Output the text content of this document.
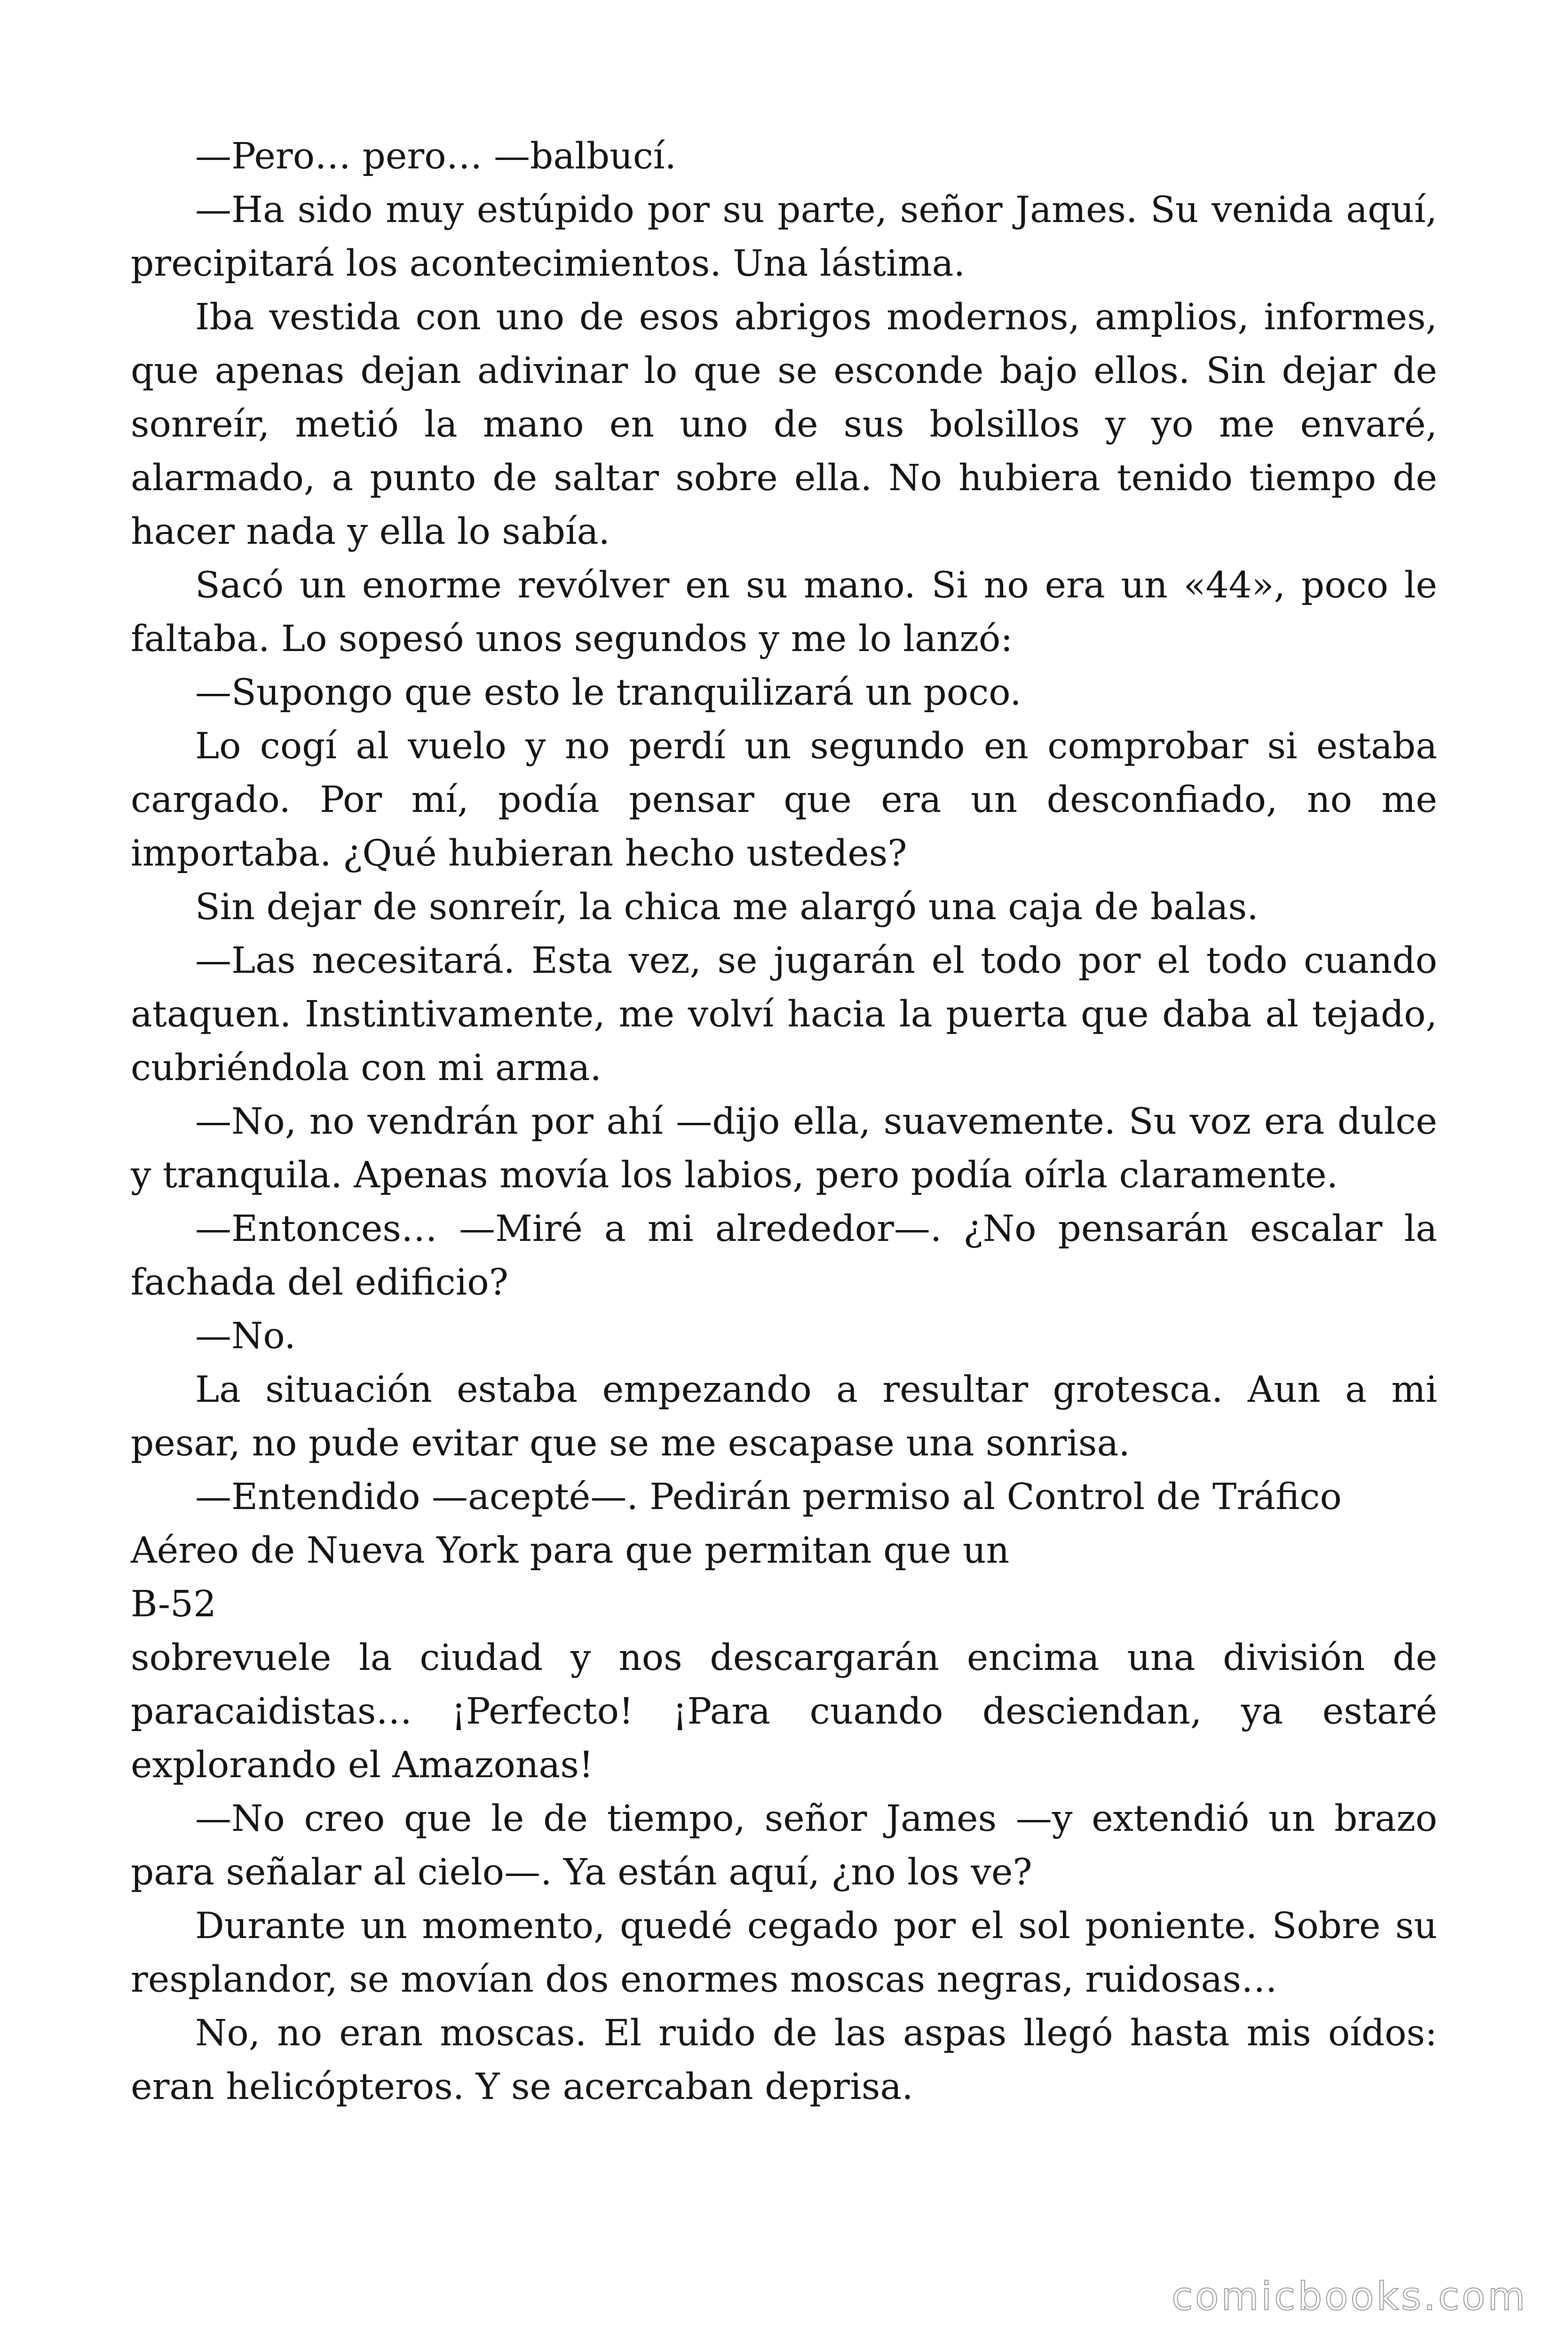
—Pero… pero… —balbucí.

—Ha sido muy estúpido por su parte, señor James. Su venida aquí, precipitará los acontecimientos. Una lástima.

Iba vestida con uno de esos abrigos modernos, amplios, informes, que apenas dejan adivinar lo que se esconde bajo ellos. Sin dejar de sonreír, metió la mano en uno de sus bolsillos y yo me envaré, alarmado, a punto de saltar sobre ella. No hubiera tenido tiempo de hacer nada y ella lo sabía.

Sacó un enorme revólver en su mano. Si no era un «44», poco le faltaba. Lo sopesó unos segundos y me lo lanzó:

—Supongo que esto le tranquilizará un poco.

Lo cogí al vuelo y no perdí un segundo en comprobar si estaba cargado. Por mí, podía pensar que era un desconfiado, no me importaba. ¿Qué hubieran hecho ustedes?

Sin dejar de sonreír, la chica me alargó una caja de balas.

—Las necesitará. Esta vez, se jugarán el todo por el todo cuando ataquen. Instintivamente, me volví hacia la puerta que daba al tejado, cubriéndola con mi arma.

—No, no vendrán por ahí —dijo ella, suavemente. Su voz era dulce y tranquila. Apenas movía los labios, pero podía oírla claramente.

—Entonces… —Miré a mi alrededor—. ¿No pensarán escalar la fachada del edificio?

—No.

La situación estaba empezando a resultar grotesca. Aun a mi pesar, no pude evitar que se me escapase una sonrisa.

—Entendido —acepté—. Pedirán permiso al Control de Tráfico Aéreo de Nueva York para que permitan que un

B-52

sobrevuele la ciudad y nos descargarán encima una división de paracaidistas… ¡Perfecto! ¡Para cuando desciendan, ya estaré explorando el Amazonas!

—No creo que le de tiempo, señor James —y extendió un brazo para señalar al cielo—. Ya están aquí, ¿no los ve?

Durante un momento, quedé cegado por el sol poniente. Sobre su resplandor, se movían dos enormes moscas negras, ruidosas…

No, no eran moscas. El ruido de las aspas llegó hasta mis oídos: eran helicópteros. Y se acercaban deprisa.

comicbooks.com
